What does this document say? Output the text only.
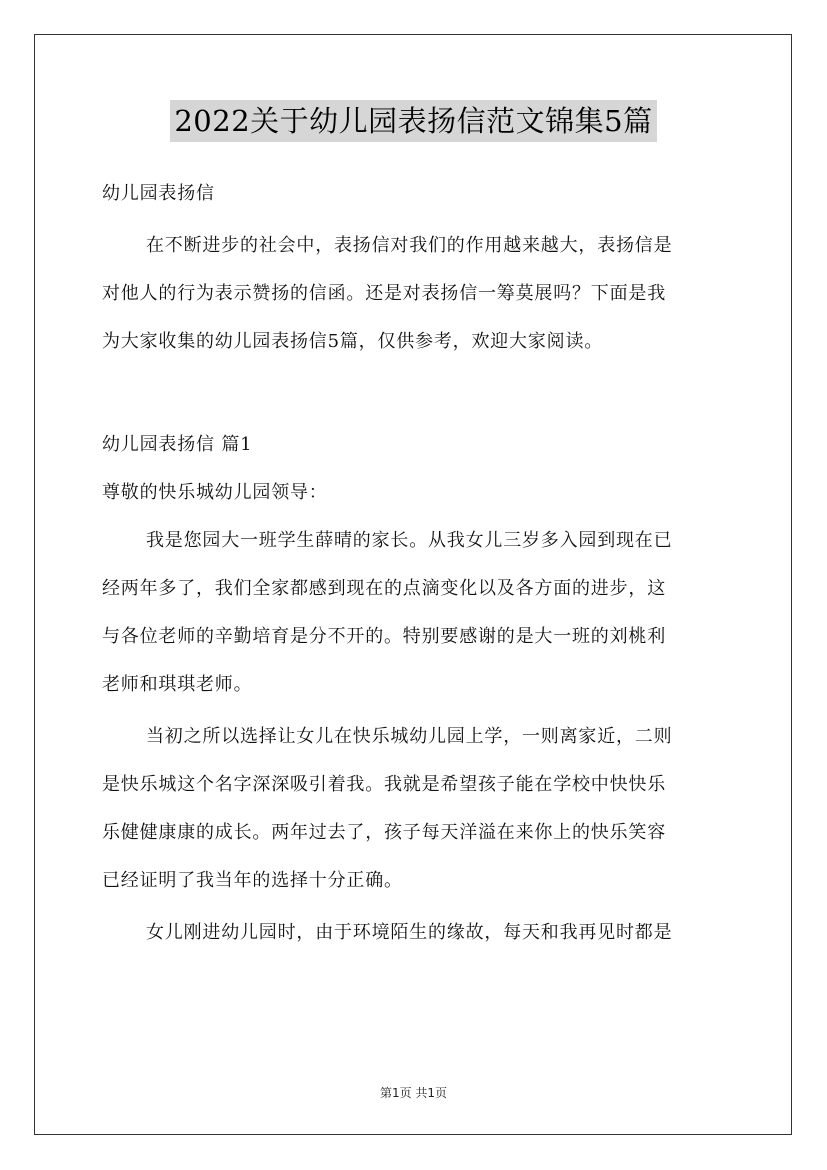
2022关于幼儿园表扬信范文锦集5篇
幼儿园表扬信
在不断进步的社会中，表扬信对我们的作用越来越大，表扬信是
对他人的行为表示赞扬的信函。还是对表扬信一筹莫展吗？下面是我
为大家收集的幼儿园表扬信5篇，仅供参考，欢迎大家阅读。
幼儿园表扬信 篇1
尊敬的快乐城幼儿园领导：
我是您园大一班学生薛晴的家长。从我女儿三岁多入园到现在已
经两年多了，我们全家都感到现在的点滴变化以及各方面的进步，这
与各位老师的辛勤培育是分不开的。特别要感谢的是大一班的刘桃利
老师和琪琪老师。
当初之所以选择让女儿在快乐城幼儿园上学，一则离家近，二则
是快乐城这个名字深深吸引着我。我就是希望孩子能在学校中快快乐
乐健健康康的成长。两年过去了，孩子每天洋溢在来你上的快乐笑容
已经证明了我当年的选择十分正确。
女儿刚进幼儿园时，由于环境陌生的缘故，每天和我再见时都是
第1页 共1页
